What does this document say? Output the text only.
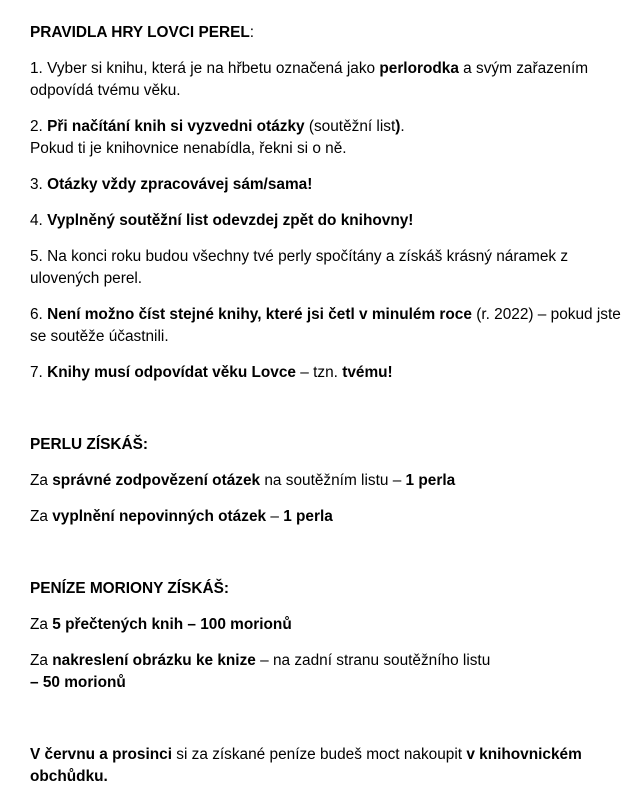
PRAVIDLA HRY LOVCI PEREL:

1. Vyber si knihu, která je na hřbetu označená jako perlorodka a svým zařazením odpovídá tvému věku.

2. Při načítání knih si vyzvedni otázky (soutěžní list).
Pokud ti je knihovnice nenabídla, řekni si o ně.

3. Otázky vždy zpracovávej sám/sama!

4. Vyplněný soutěžní list odevzdej zpět do knihovny!

5. Na konci roku budou všechny tvé perly spočítány a získáš krásný náramek z ulovených perel.

6. Není možno číst stejné knihy, které jsi četl v minulém roce (r. 2022) – pokud jste se soutěže účastnili.

7. Knihy musí odpovídat věku Lovce – tzn. tvému!

PERLU ZÍSKÁŠ:

Za správné zodpovězení otázek na soutěžním listu – 1 perla

Za vyplnění nepovinných otázek – 1 perla

PENÍZE MORIONY ZÍSKÁŠ:

Za 5 přečtených knih – 100 morionů

Za nakreslení obrázku ke knize – na zadní stranu soutěžního listu
– 50 morionů

V červnu a prosinci si za získané peníze budeš moct nakoupit v knihovnickém obchůdku.
